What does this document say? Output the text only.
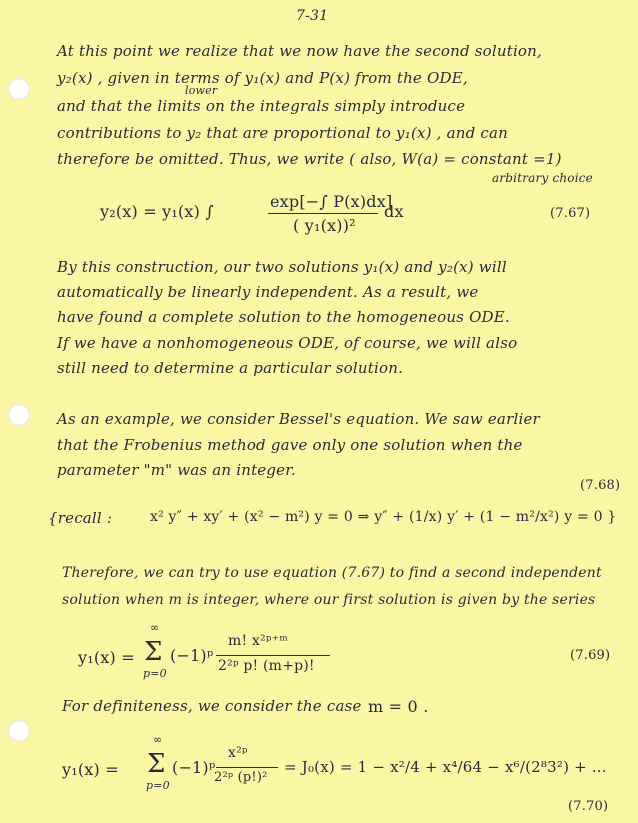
7-31
At this point we realize that we now have the second solution,
y₂(x) , given in terms of y₁(x) and P(x) from the ODE,
lower
and that the limits on the integrals simply introduce
contributions to y₂ that are proportional to y₁(x) , and can
therefore be omitted. Thus, we write ( also, W(a) = constant =1)
arbitrary choice
y₂(x) = y₁(x) ∫
exp[−∫ P(x)dx]
( y₁(x))²
dx	(7.67)
By this construction, our two solutions y₁(x) and y₂(x) will
automatically be linearly independent. As a result, we
have found a complete solution to the homogeneous ODE.
If we have a nonhomogeneous ODE, of course, we will also
still need to determine a particular solution.
As an example, we consider Bessel's equation. We saw earlier
that the Frobenius method gave only one solution when the
parameter "m" was an integer.
(7.68)
{recall :	x² y″ + xy′ + (x² − m²) y = 0 ⇒ y″ + (1/x) y′ + (1 − m²/x²) y = 0 }
Therefore, we can try to use equation (7.67) to find a second independent
solution when m is integer, where our first solution is given by the series
y₁(x) =
∞
Σ
p=0
(−1)ᵖ
m! x²ᵖ⁺ᵐ
2²ᵖ p! (m+p)!
(7.69)
For definiteness, we consider the case m = 0 .
y₁(x) =
∞
Σ
p=0
(−1)ᵖ
x²ᵖ
2²ᵖ (p!)²
= J₀(x) = 1 − x²/4 + x⁴/64 − x⁶/(2⁸3²) + ...
(7.70)
